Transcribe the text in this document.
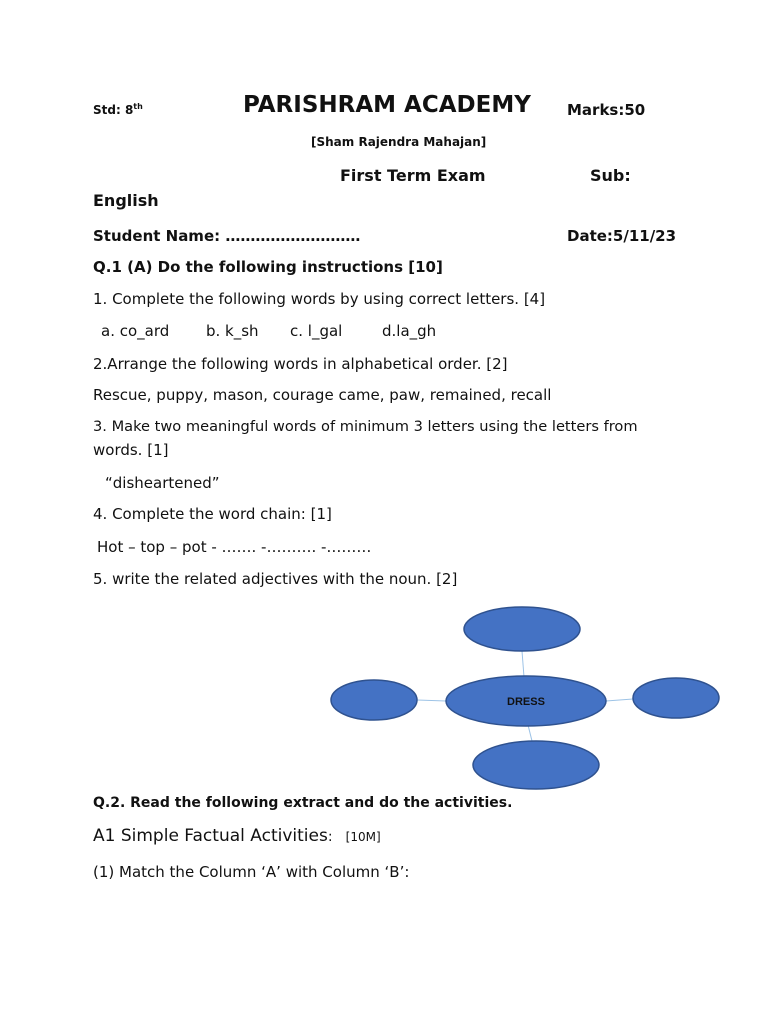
Std: 8th	PARISHRAM ACADEMY Marks:50
[Sham Rajendra Mahajan]
First Term Exam	Sub:
English
Student Name: ………………………	Date:5/11/23
Q.1 (A) Do the following instructions [10]
1. Complete the following words by using correct letters. [4]
a. co_ard b. k_sh c. l_gal	d.la_gh
2.Arrange the following words in alphabetical order. [2]
Rescue, puppy, mason, courage came, paw, remained, recall
3. Make two meaningful words of minimum 3 letters using the letters from
words. [1]
“disheartened”
4. Complete the word chain: [1]
Hot – top – pot - ……. -………. -………
5. write the related adjectives with the noun. [2]
DRESS
Q.2. Read the following extract and do the activities.
A1 Simple Factual Activities: [10M]
(1) Match the Column ‘A’ with Column ‘B’:
